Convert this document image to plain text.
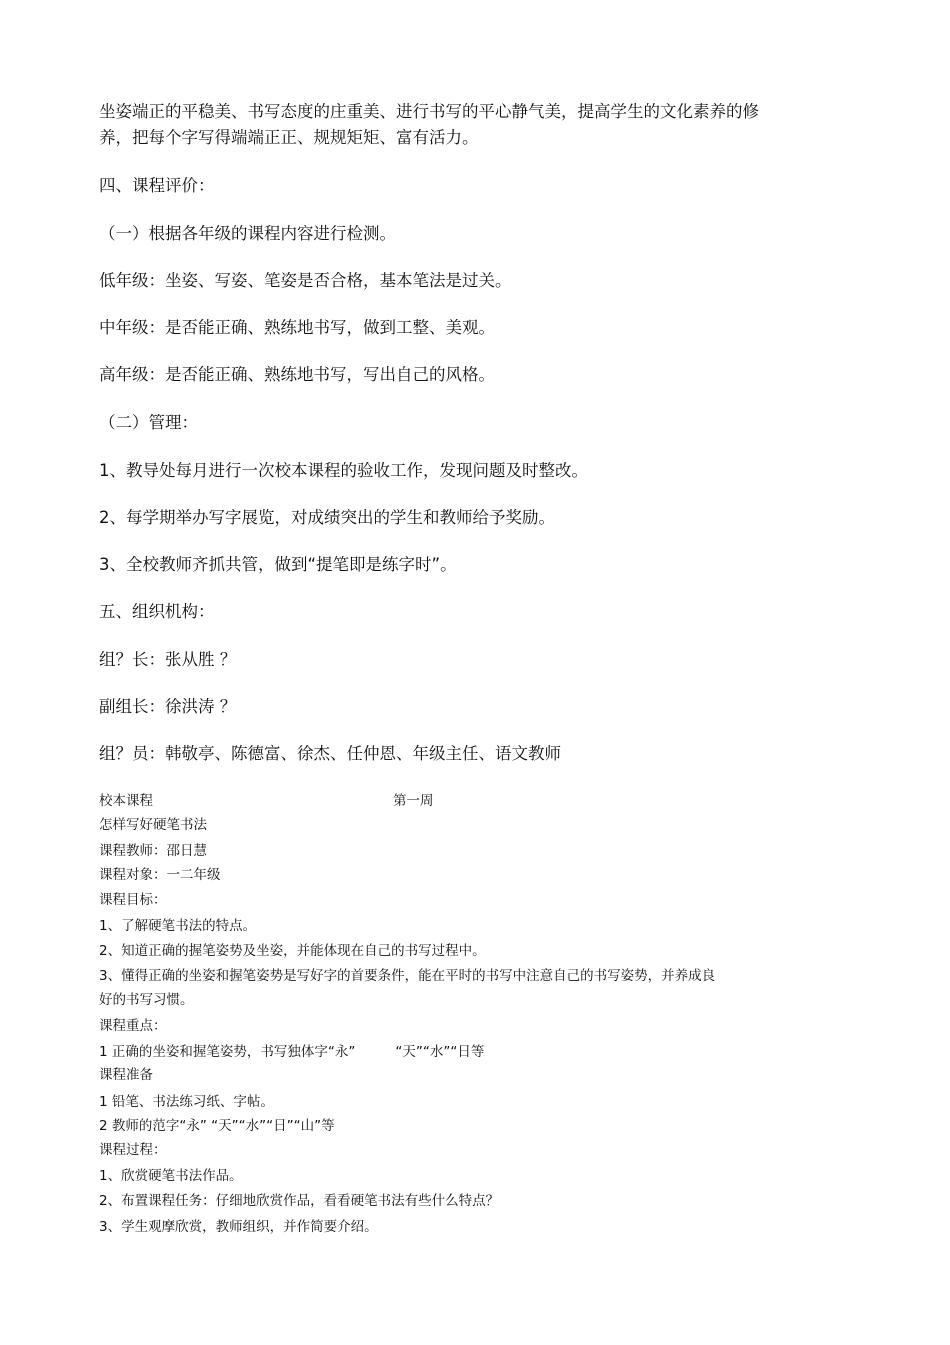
坐姿端正的平稳美、书写态度的庄重美、进行书写的平心静气美，提高学生的文化素养的修
养，把每个字写得端端正正、规规矩矩、富有活力。
四、课程评价：
（一）根据各年级的课程内容进行检测。
低年级：坐姿、写姿、笔姿是否合格，基本笔法是过关。
中年级：是否能正确、熟练地书写，做到工整、美观。
高年级：是否能正确、熟练地书写，写出自己的风格。
（二）管理：
1、教导处每月进行一次校本课程的验收工作，发现问题及时整改。
2、每学期举办写字展览，对成绩突出的学生和教师给予奖励。
3、全校教师齐抓共管，做到“提笔即是练字时”。
五、组织机构：
组？长：张从胜 ？
副组长：徐洪涛 ？
组？员：韩敬亭、陈德富、徐杰、任仲恩、年级主任、语文教师
校本课程	第一周
怎样写好硬笔书法
课程教师：邵日慧
课程对象：一二年级
课程目标：
1、了解硬笔书法的特点。
2、知道正确的握笔姿势及坐姿，并能体现在自己的书写过程中。
3、懂得正确的坐姿和握笔姿势是写好字的首要条件，能在平时的书写中注意自己的书写姿势，并养成良
好的书写习惯。
课程重点：
1 正确的坐姿和握笔姿势，书写独体字“永”	“天”“水”“日等
课程准备
1 铅笔、书法练习纸、字帖。
2 教师的范字“永” “天”“水”“日”“山”等
课程过程：
1、欣赏硬笔书法作品。
2、布置课程任务：仔细地欣赏作品，看看硬笔书法有些什么特点？
3、学生观摩欣赏，教师组织，并作简要介绍。
